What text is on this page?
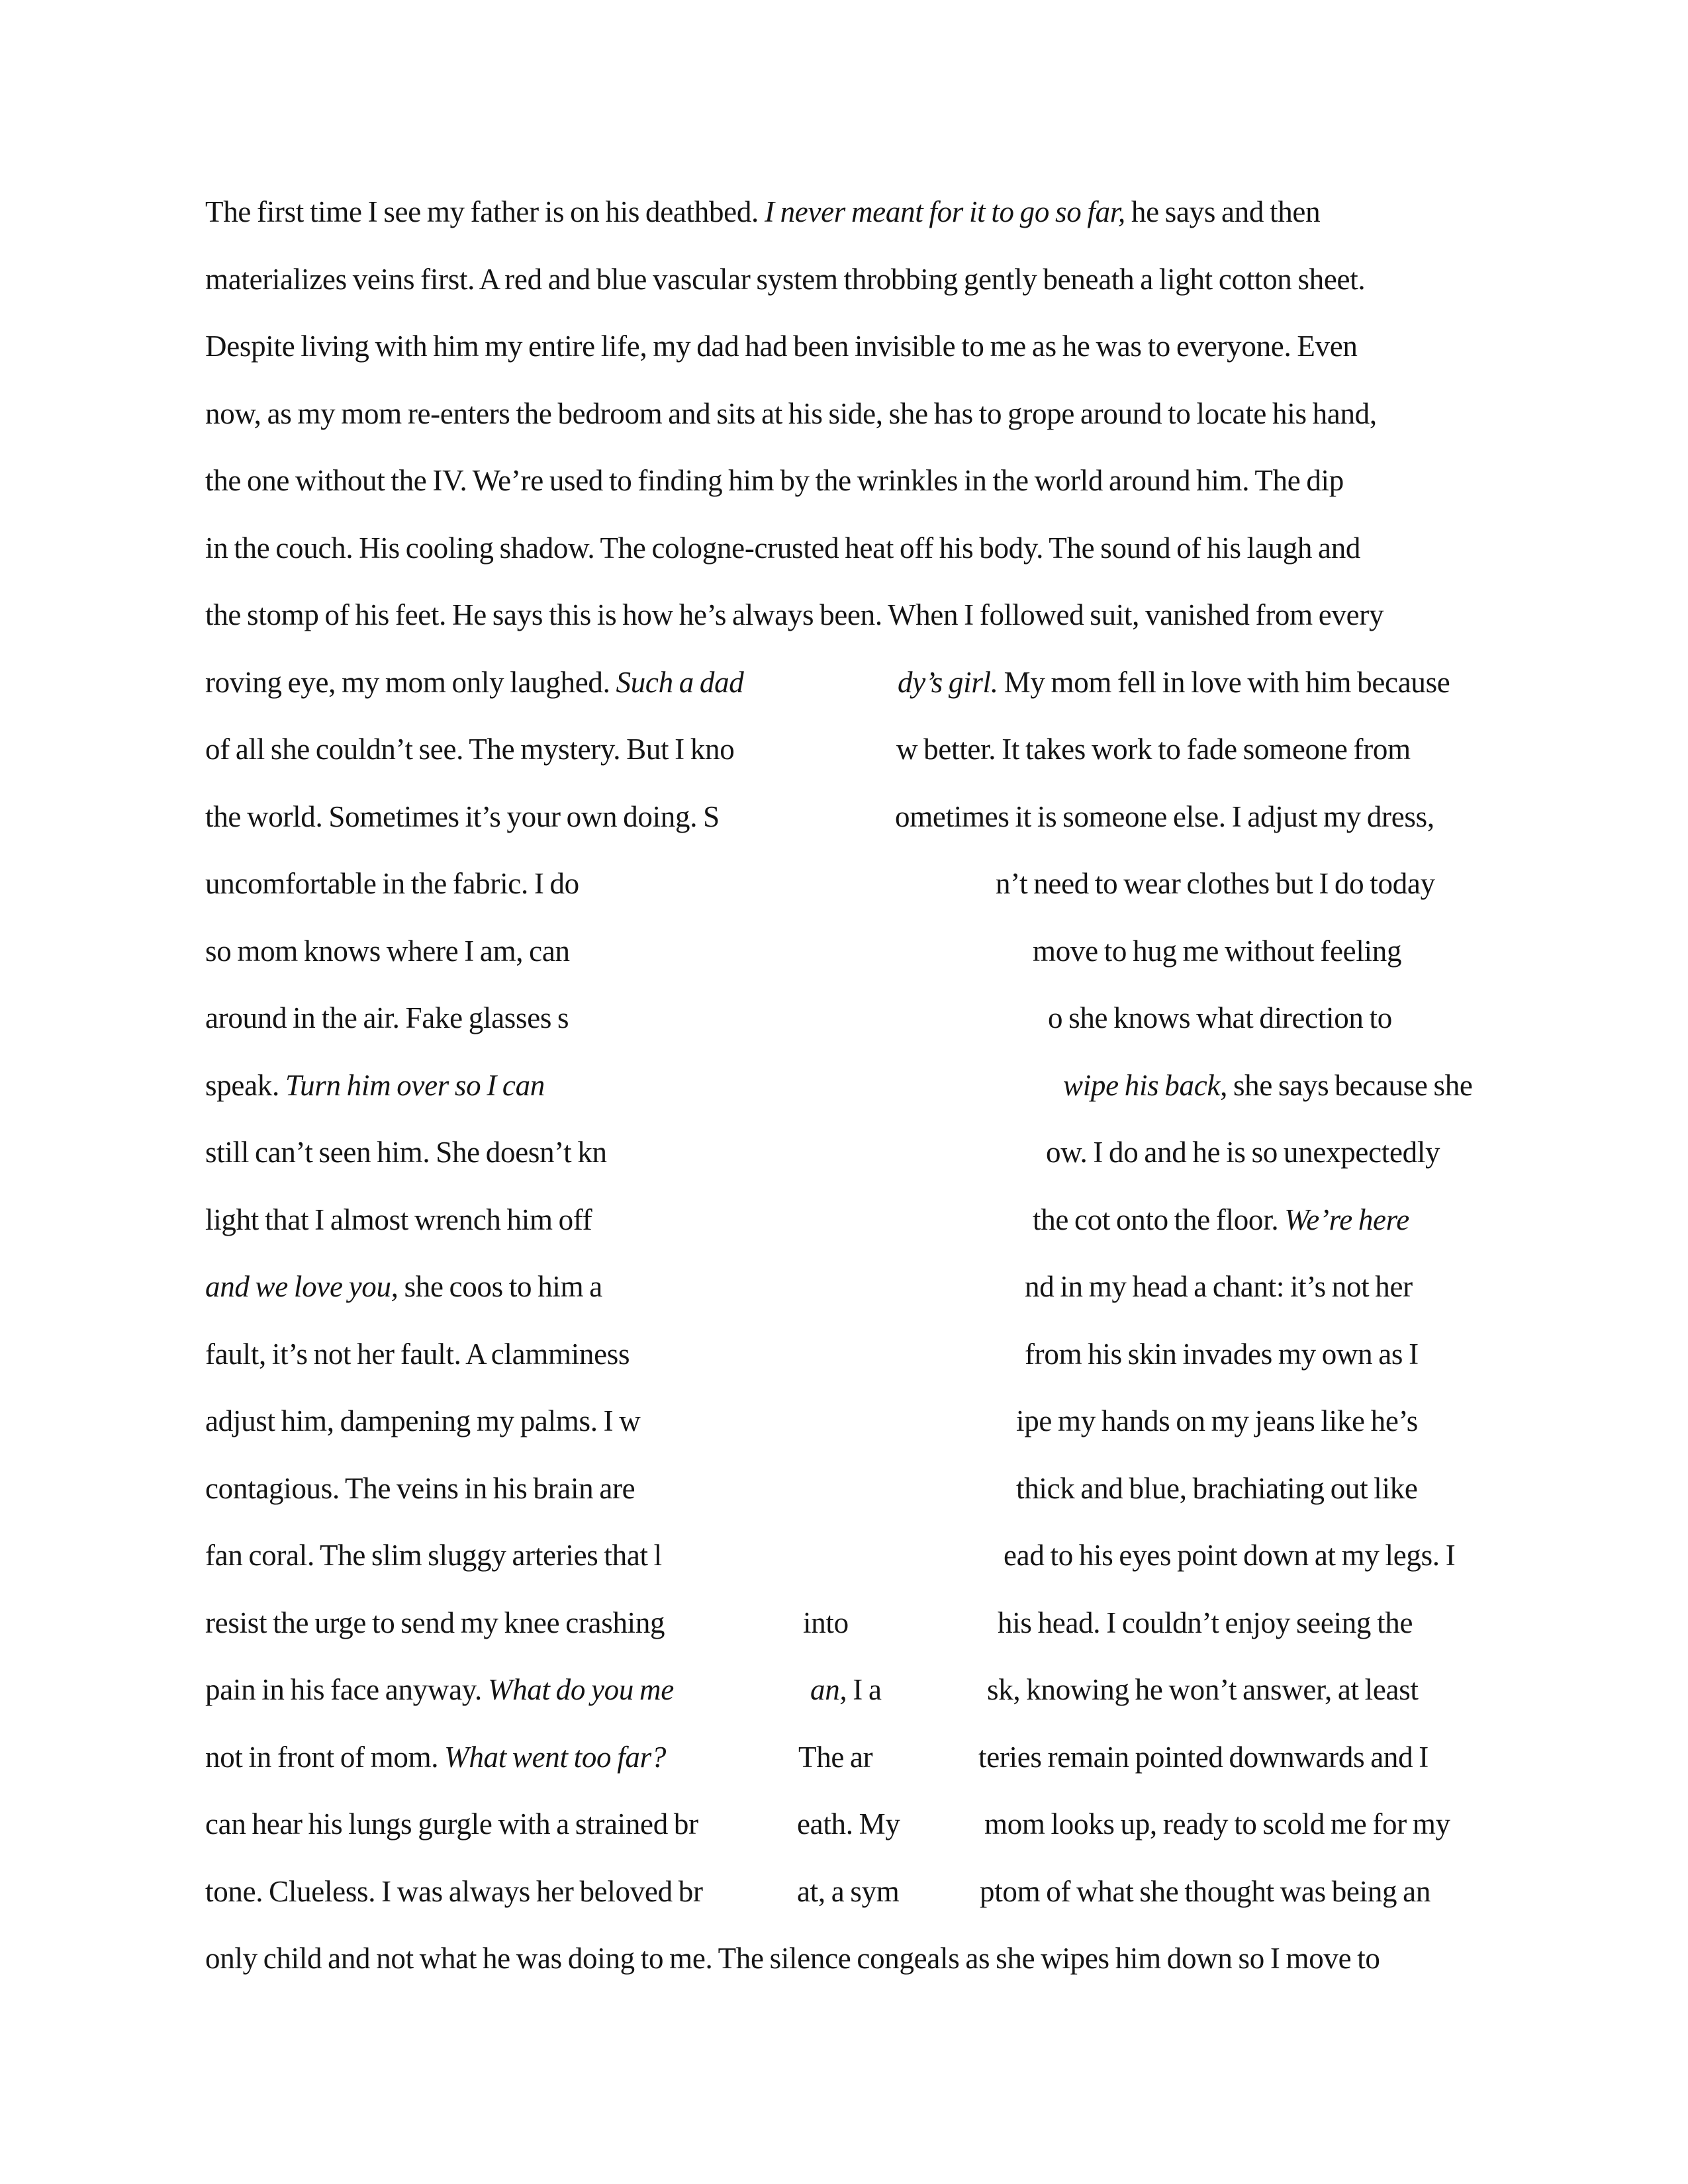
The first time I see my father is on his deathbed. I never meant for it to go so far, he says and then
materializes veins first. A red and blue vascular system throbbing gently beneath a light cotton sheet.
Despite living with him my entire life, my dad had been invisible to me as he was to everyone. Even
now, as my mom re-enters the bedroom and sits at his side, she has to grope around to locate his hand,
the one without the IV. We’re used to finding him by the wrinkles in the world around him. The dip
in the couch. His cooling shadow. The cologne-crusted heat off his body. The sound of his laugh and
the stomp of his feet. He says this is how he’s always been. When I followed suit, vanished from every
roving eye, my mom only laughed. Such a dad	dy’s girl. My mom fell in love with him because
of all she couldn’t see. The mystery. But I kno	w better. It takes work to fade someone from
the world. Sometimes it’s your own doing. S	ometimes it is someone else. I adjust my dress,
uncomfortable in the fabric. I do	n’t need to wear clothes but I do today
so mom knows where I am, can	move to hug me without feeling
around in the air. Fake glasses s	o she knows what direction to
speak. Turn him over so I can	wipe his back, she says because she
still can’t seen him. She doesn’t kn	ow. I do and he is so unexpectedly
light that I almost wrench him off	the cot onto the floor. We’re here
and we love you, she coos to him a	nd in my head a chant: it’s not her
fault, it’s not her fault. A clamminess	from his skin invades my own as I
adjust him, dampening my palms. I w	ipe my hands on my jeans like he’s
contagious. The veins in his brain are	thick and blue, brachiating out like
fan coral. The slim sluggy arteries that l	ead to his eyes point down at my legs. I
resist the urge to send my knee crashing	into	his head. I couldn’t enjoy seeing the
pain in his face anyway. What do you me	an, I a	sk, knowing he won’t answer, at least
not in front of mom. What went too far?	The ar	teries remain pointed downwards and I
can hear his lungs gurgle with a strained br	eath. My	mom looks up, ready to scold me for my
tone. Clueless. I was always her beloved br	at, a sym	ptom of what she thought was being an
only child and not what he was doing to me. The silence congeals as she wipes him down so I move to
